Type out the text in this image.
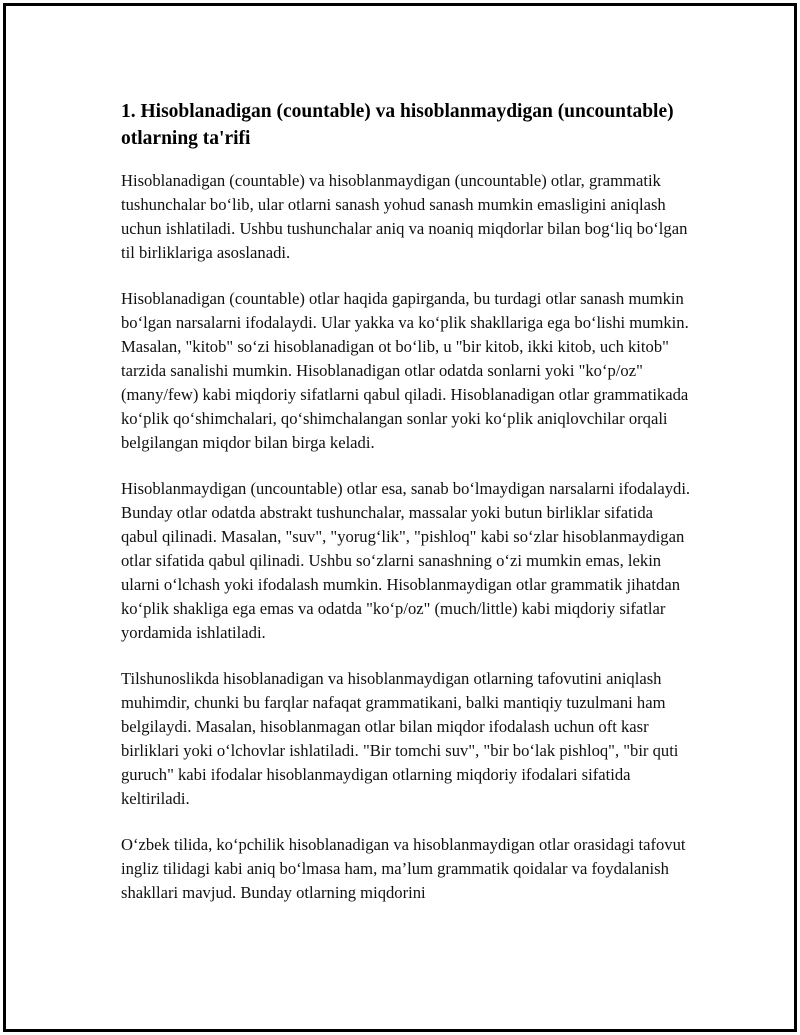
1. Hisoblanadigan (countable) va hisoblanmaydigan (uncountable) otlarning ta'rifi

Hisoblanadigan (countable) va hisoblanmaydigan (uncountable) otlar, grammatik tushunchalar bo‘lib, ular otlarni sanash yohud sanash mumkin emasligini aniqlash uchun ishlatiladi. Ushbu tushunchalar aniq va noaniq miqdorlar bilan bog‘liq bo‘lgan til birliklariga asoslanadi.

Hisoblanadigan (countable) otlar haqida gapirganda, bu turdagi otlar sanash mumkin bo‘lgan narsalarni ifodalaydi. Ular yakka va ko‘plik shakllariga ega bo‘lishi mumkin. Masalan, "kitob" so‘zi hisoblanadigan ot bo‘lib, u "bir kitob, ikki kitob, uch kitob" tarzida sanalishi mumkin. Hisoblanadigan otlar odatda sonlarni yoki "ko‘p/oz" (many/few) kabi miqdoriy sifatlarni qabul qiladi. Hisoblanadigan otlar grammatikada ko‘plik qo‘shimchalari, qo‘shimchalangan sonlar yoki ko‘plik aniqlovchilar orqali belgilangan miqdor bilan birga keladi.

Hisoblanmaydigan (uncountable) otlar esa, sanab bo‘lmaydigan narsalarni ifodalaydi. Bunday otlar odatda abstrakt tushunchalar, massalar yoki butun birliklar sifatida qabul qilinadi. Masalan, "suv", "yorug‘lik", "pishloq" kabi so‘zlar hisoblanmaydigan otlar sifatida qabul qilinadi. Ushbu so‘zlarni sanashning o‘zi mumkin emas, lekin ularni o‘lchash yoki ifodalash mumkin. Hisoblanmaydigan otlar grammatik jihatdan ko‘plik shakliga ega emas va odatda "ko‘p/oz" (much/little) kabi miqdoriy sifatlar yordamida ishlatiladi.

Tilshunoslikda hisoblanadigan va hisoblanmaydigan otlarning tafovutini aniqlash muhimdir, chunki bu farqlar nafaqat grammatikani, balki mantiqiy tuzulmani ham belgilaydi. Masalan, hisoblanmagan otlar bilan miqdor ifodalash uchun oft kasr birliklari yoki o‘lchovlar ishlatiladi. "Bir tomchi suv", "bir bo‘lak pishloq", "bir quti guruch" kabi ifodalar hisoblanmaydigan otlarning miqdoriy ifodalari sifatida keltiriladi.

O‘zbek tilida, ko‘pchilik hisoblanadigan va hisoblanmaydigan otlar orasidagi tafovut ingliz tilidagi kabi aniq bo‘lmasa ham, ma’lum grammatik qoidalar va foydalanish shakllari mavjud. Bunday otlarning miqdorini
